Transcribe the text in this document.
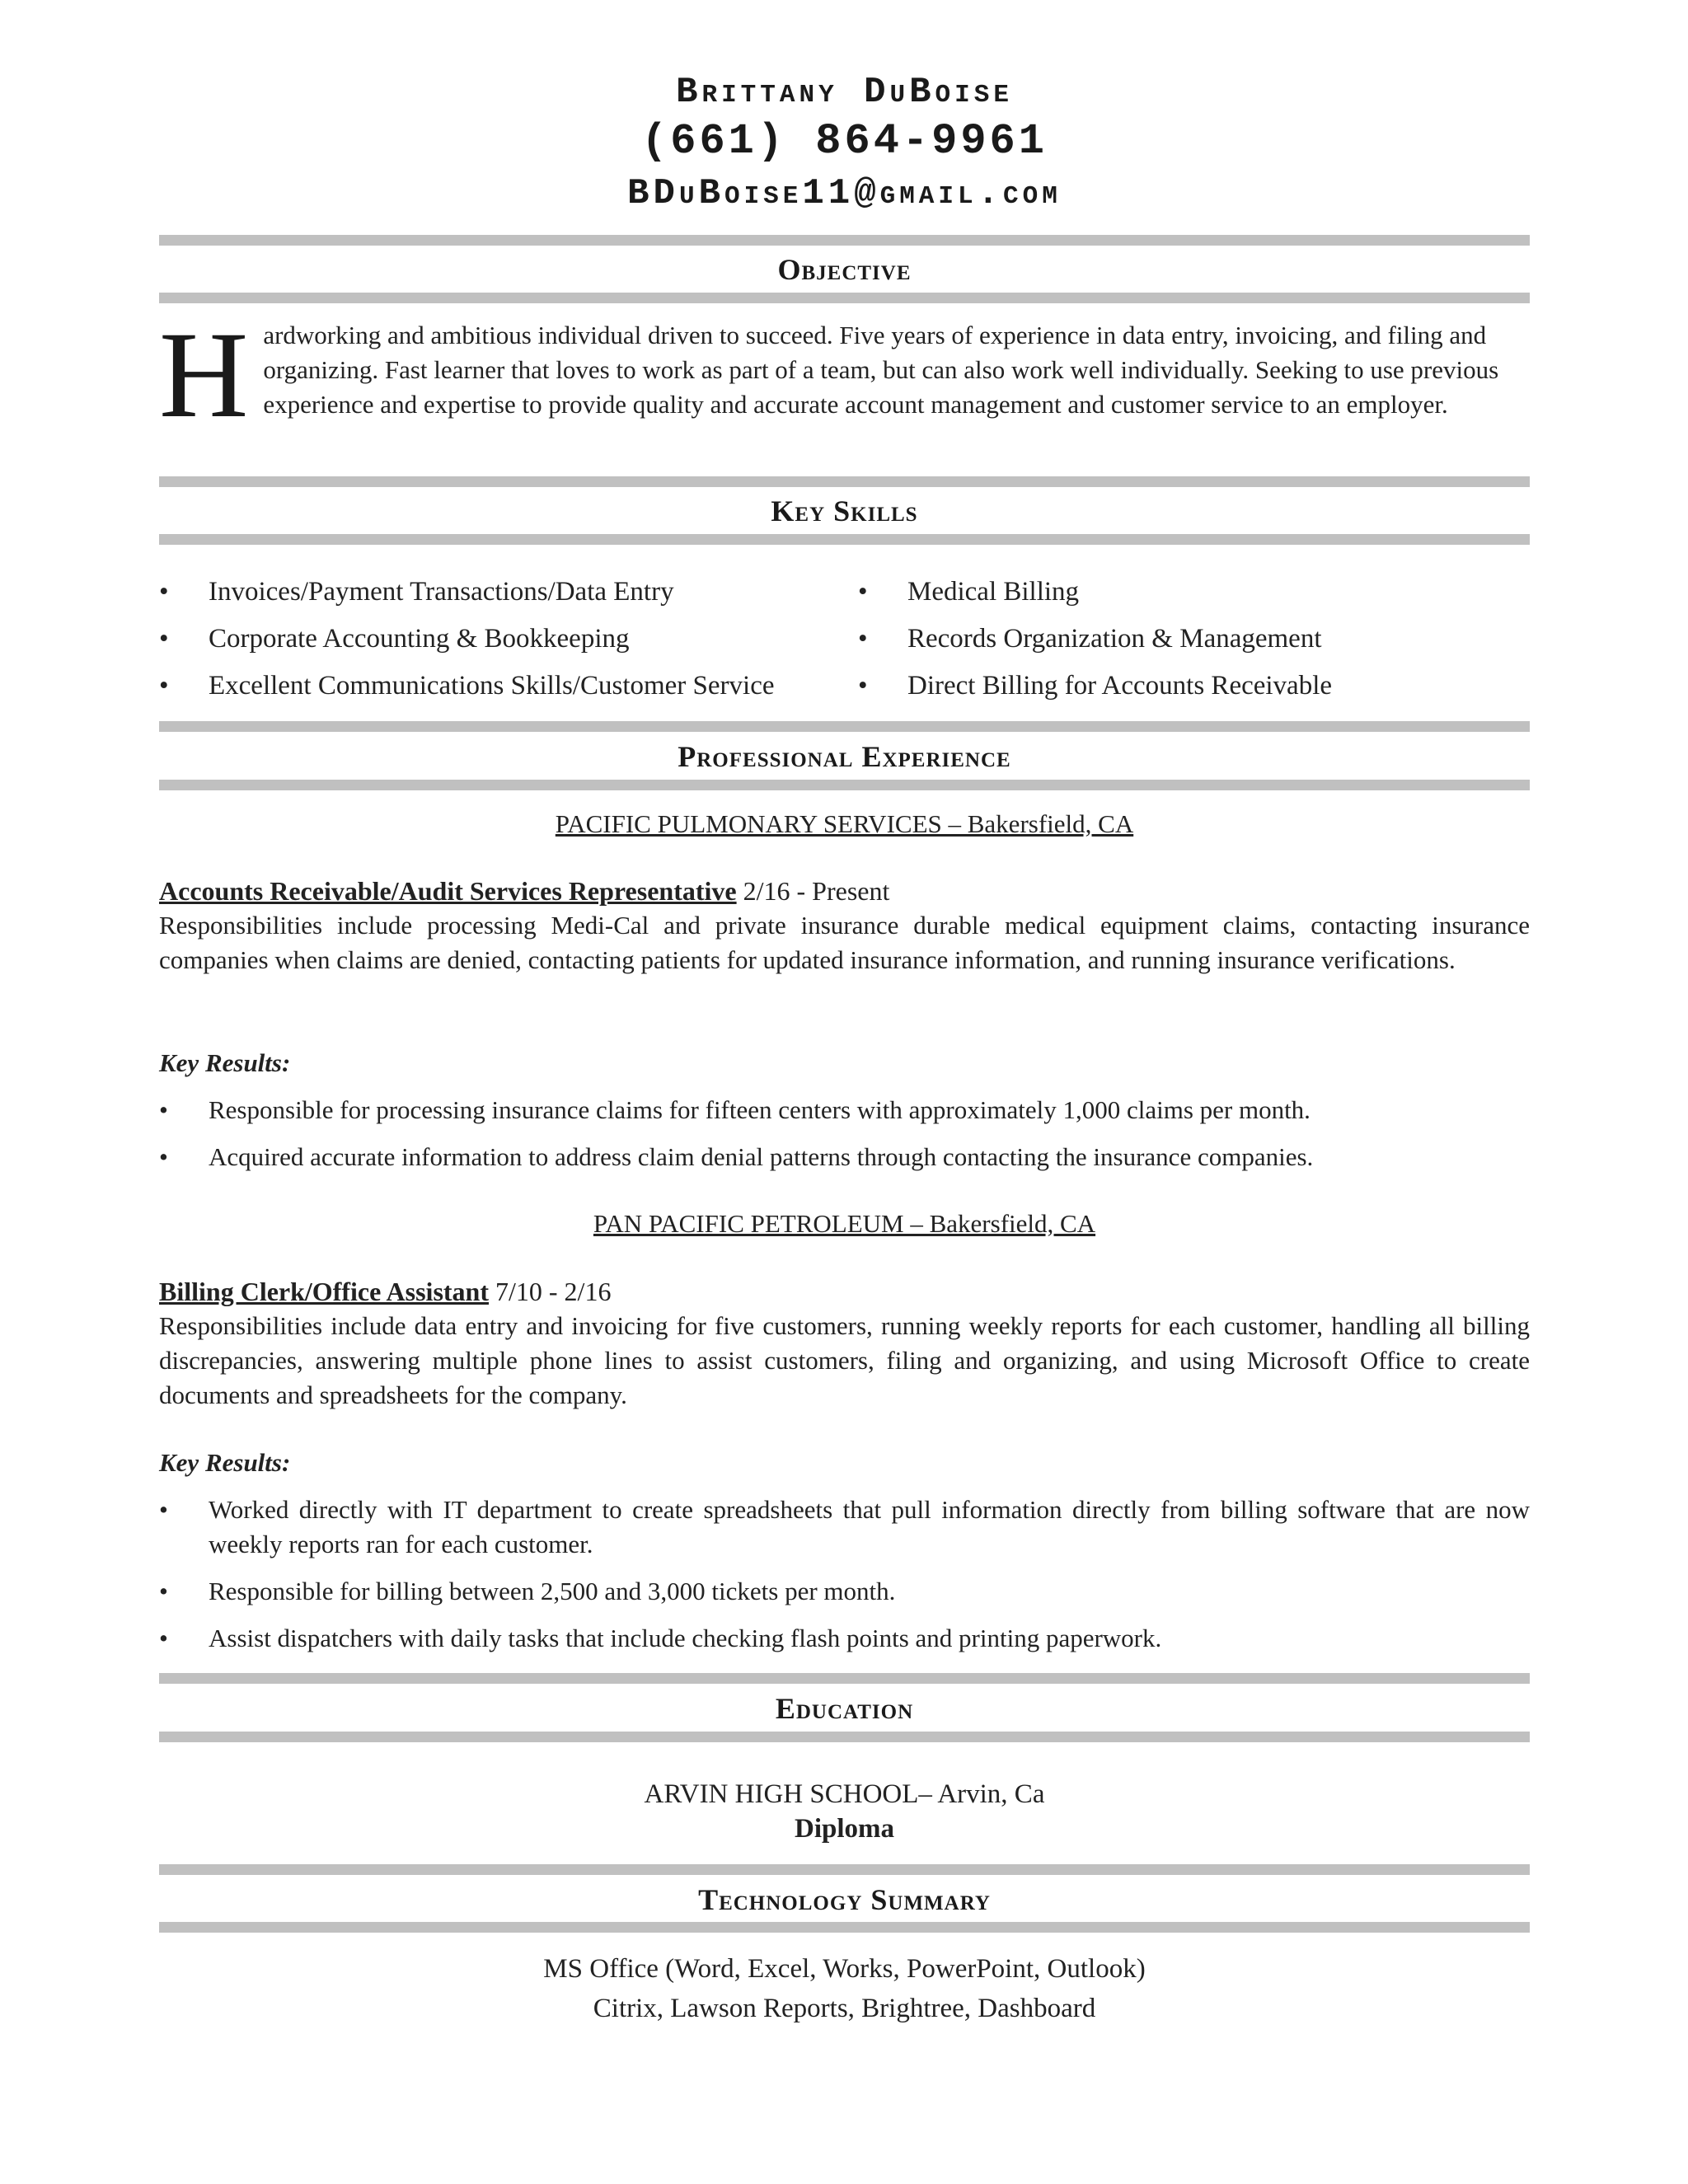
Brittany DuBoise
(661) 864-9961
BDuBoise11@gmail.com
Objective
Hardworking and ambitious individual driven to succeed. Five years of experience in data entry, invoicing, and filing and organizing. Fast learner that loves to work as part of a team, but can also work well individually. Seeking to use previous experience and expertise to provide quality and accurate account management and customer service to an employer.
Key Skills
• Invoices/Payment Transactions/Data Entry
• Corporate Accounting & Bookkeeping
• Excellent Communications Skills/Customer Service
• Medical Billing
• Records Organization & Management
• Direct Billing for Accounts Receivable
Professional Experience
PACIFIC PULMONARY SERVICES – Bakersfield, CA
Accounts Receivable/Audit Services Representative 2/16 - Present
Responsibilities include processing Medi-Cal and private insurance durable medical equipment claims, contacting insurance companies when claims are denied, contacting patients for updated insurance information, and running insurance verifications.
Key Results:
• Responsible for processing insurance claims for fifteen centers with approximately 1,000 claims per month.
• Acquired accurate information to address claim denial patterns through contacting the insurance companies.
PAN PACIFIC PETROLEUM – Bakersfield, CA
Billing Clerk/Office Assistant 7/10 - 2/16
Responsibilities include data entry and invoicing for five customers, running weekly reports for each customer, handling all billing discrepancies, answering multiple phone lines to assist customers, filing and organizing, and using Microsoft Office to create documents and spreadsheets for the company.
Key Results:
• Worked directly with IT department to create spreadsheets that pull information directly from billing software that are now weekly reports ran for each customer.
• Responsible for billing between 2,500 and 3,000 tickets per month.
• Assist dispatchers with daily tasks that include checking flash points and printing paperwork.
Education
ARVIN HIGH SCHOOL– Arvin, Ca
Diploma
Technology Summary
MS Office (Word, Excel, Works, PowerPoint, Outlook)
Citrix, Lawson Reports, Brightree, Dashboard
